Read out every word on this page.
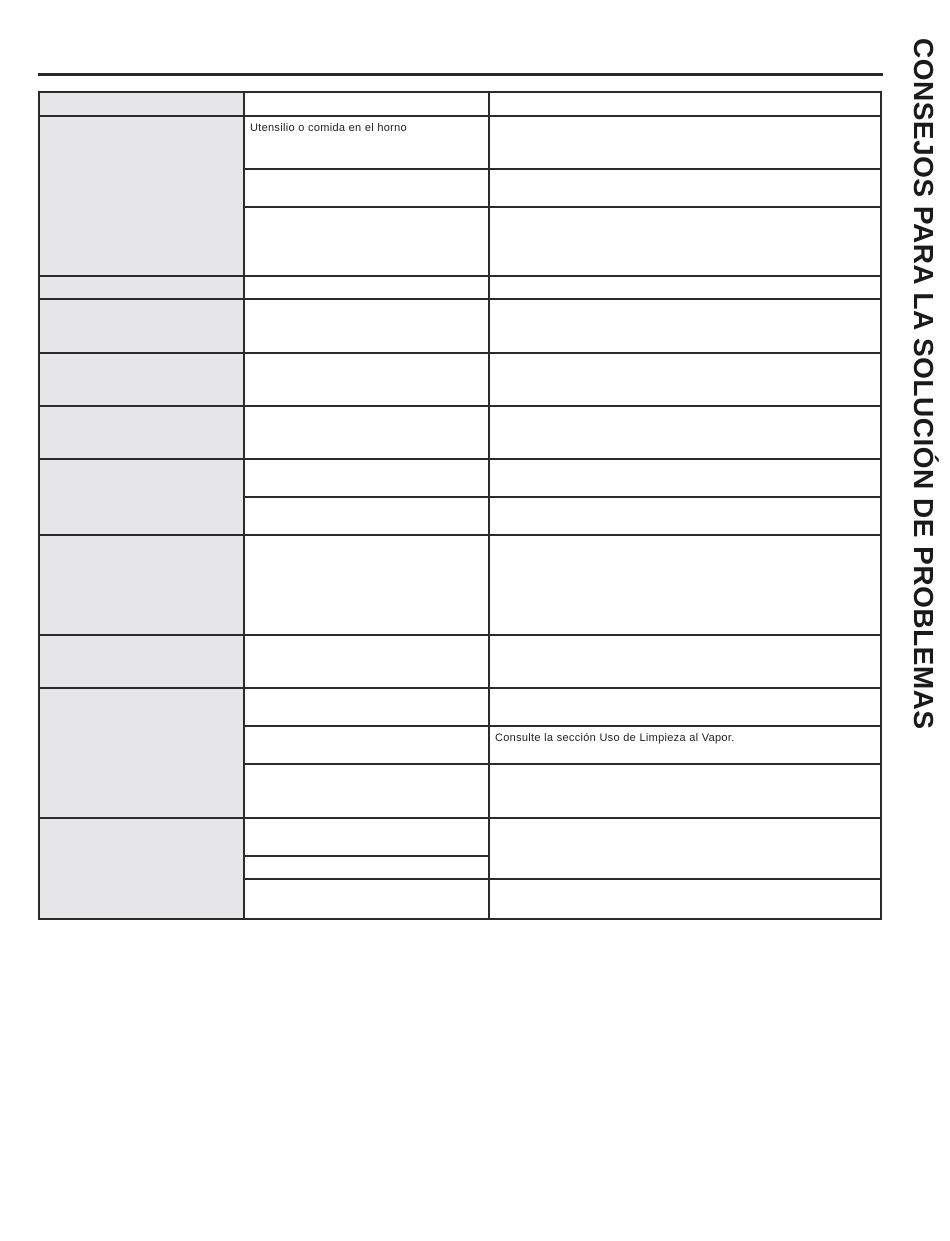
CONSEJOS PARA LA SOLUCIÓN DE PROBLEMAS
Utensilio o comida en el horno
Consulte la sección Uso de Limpieza al Vapor.
